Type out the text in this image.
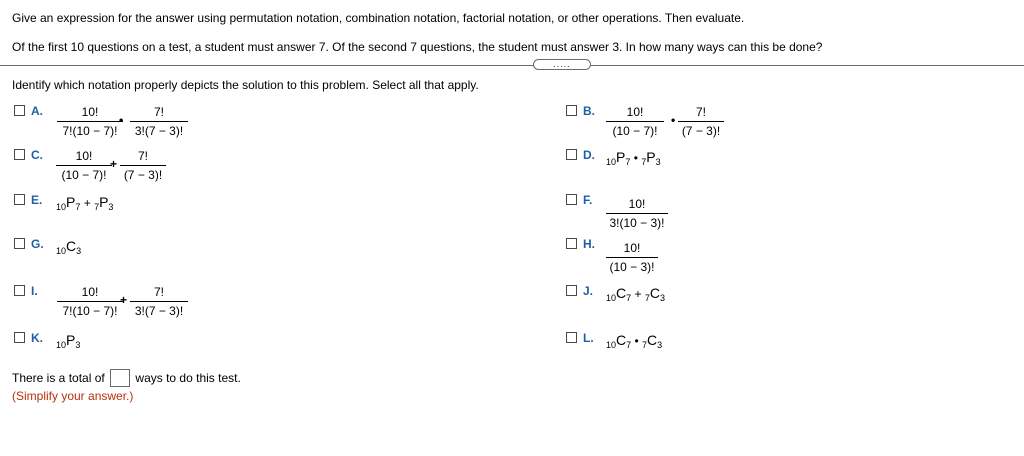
Give an expression for the answer using permutation notation, combination notation, factorial notation, or other operations. Then evaluate.
Of the first 10 questions on a test, a student must answer 7. Of the second 7 questions, the student must answer 3. In how many ways can this be done?
.....
Identify which notation properly depicts the solution to this problem. Select all that apply.
A. $\frac{10!}{7!(10 - 7)!}$
• $\frac{7!}{3!(7 - 3)!}$	B. $\frac{10!}{(10 - 7)!}$ • $\frac{7!}{(7 - 3)!}$
C. $\frac{10!}{(10 - 7)!}$
+ $\frac{7!}{(7 - 3)!}$	D. $_{10}P_7$ • $_7P_3$
E. $_{10}P_7 + _7P_3$	F. $\frac{10!}{3!(10 - 3)!}$
G. $_{10}C_3$	H. $\frac{10!}{(10 - 3)!}$
I. $\frac{10!}{7!(10 - 7)!}$
+ $\frac{7!}{3!(7 - 3)!}$	J. $_{10}C_7 + _7C_3$
K. $_{10}P_3$	L. $_{10}C_7$ • $_7C_3$
There is a total of	ways to do this test.
(Simplify your answer.)
